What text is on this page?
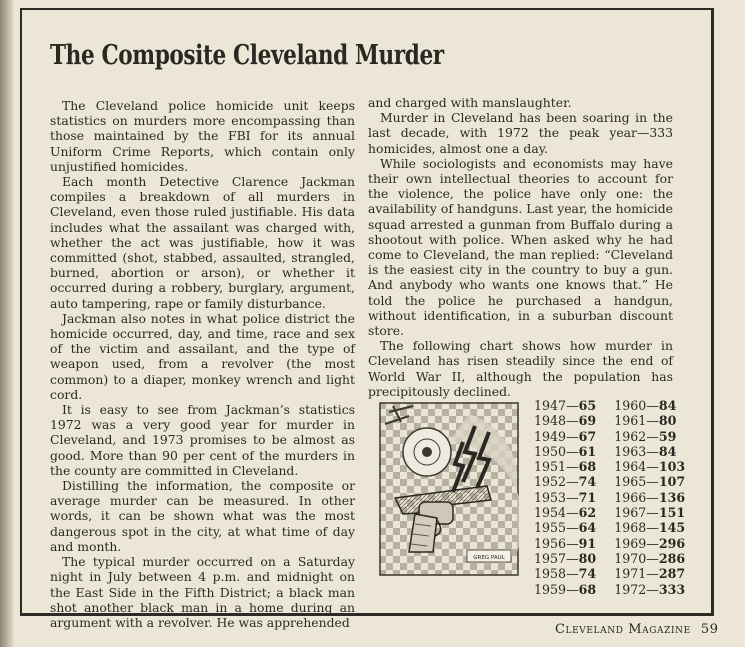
The Composite Cleveland Murder

The Cleveland police homicide unit keeps statistics on murders more encompassing than those maintained by the FBI for its annual Uniform Crime Reports, which contain only unjustified homicides.

Each month Detective Clarence Jackman compiles a breakdown of all murders in Cleveland, even those ruled justifiable. His data includes what the assailant was charged with, whether the act was justifiable, how it was committed (shot, stabbed, assaulted, strangled, burned, abortion or arson), or whether it occurred during a robbery, burglary, argument, auto tampering, rape or family disturbance.

Jackman also notes in what police district the homicide occurred, day, and time, race and sex of the victim and assailant, and the type of weapon used, from a revolver (the most common) to a diaper, monkey wrench and light cord.

It is easy to see from Jackman’s statistics 1972 was a very good year for murder in Cleveland, and 1973 promises to be almost as good. More than 90 per cent of the murders in the county are committed in Cleveland.

Distilling the information, the composite or average murder can be measured. In other words, it can be shown what was the most dangerous spot in the city, at what time of day and month.

The typical murder occurred on a Saturday night in July between 4 p.m. and midnight on the East Side in the Fifth District; a black man shot another black man in a home during an argument with a revolver. He was apprehended

and charged with manslaughter.

Murder in Cleveland has been soaring in the last decade, with 1972 the peak year—333 homicides, almost one a day.

While sociologists and economists may have their own intellectual theories to account for the violence, the police have only one: the availability of handguns. Last year, the homicide squad arrested a gunman from Buffalo during a shootout with police. When asked why he had come to Cleveland, the man replied: “Cleveland is the easiest city in the country to buy a gun. And anybody who wants one knows that.” He told the police he purchased a handgun, without identification, in a suburban discount store.

The following chart shows how murder in Cleveland has risen steadily since the end of World War II, although the population has precipitously declined.

GREG PAUL
1947—65
1948—69
1949—67
1950—61
1951—68
1952—74
1953—71
1954—62
1955—64
1956—91
1957—80
1958—74
1959—68
1960—84
1961—80
1962—59
1963—84
1964—103
1965—107
1966—136
1967—151
1968—145
1969—296
1970—286
1971—287
1972—333
Cleveland Magazine 59
